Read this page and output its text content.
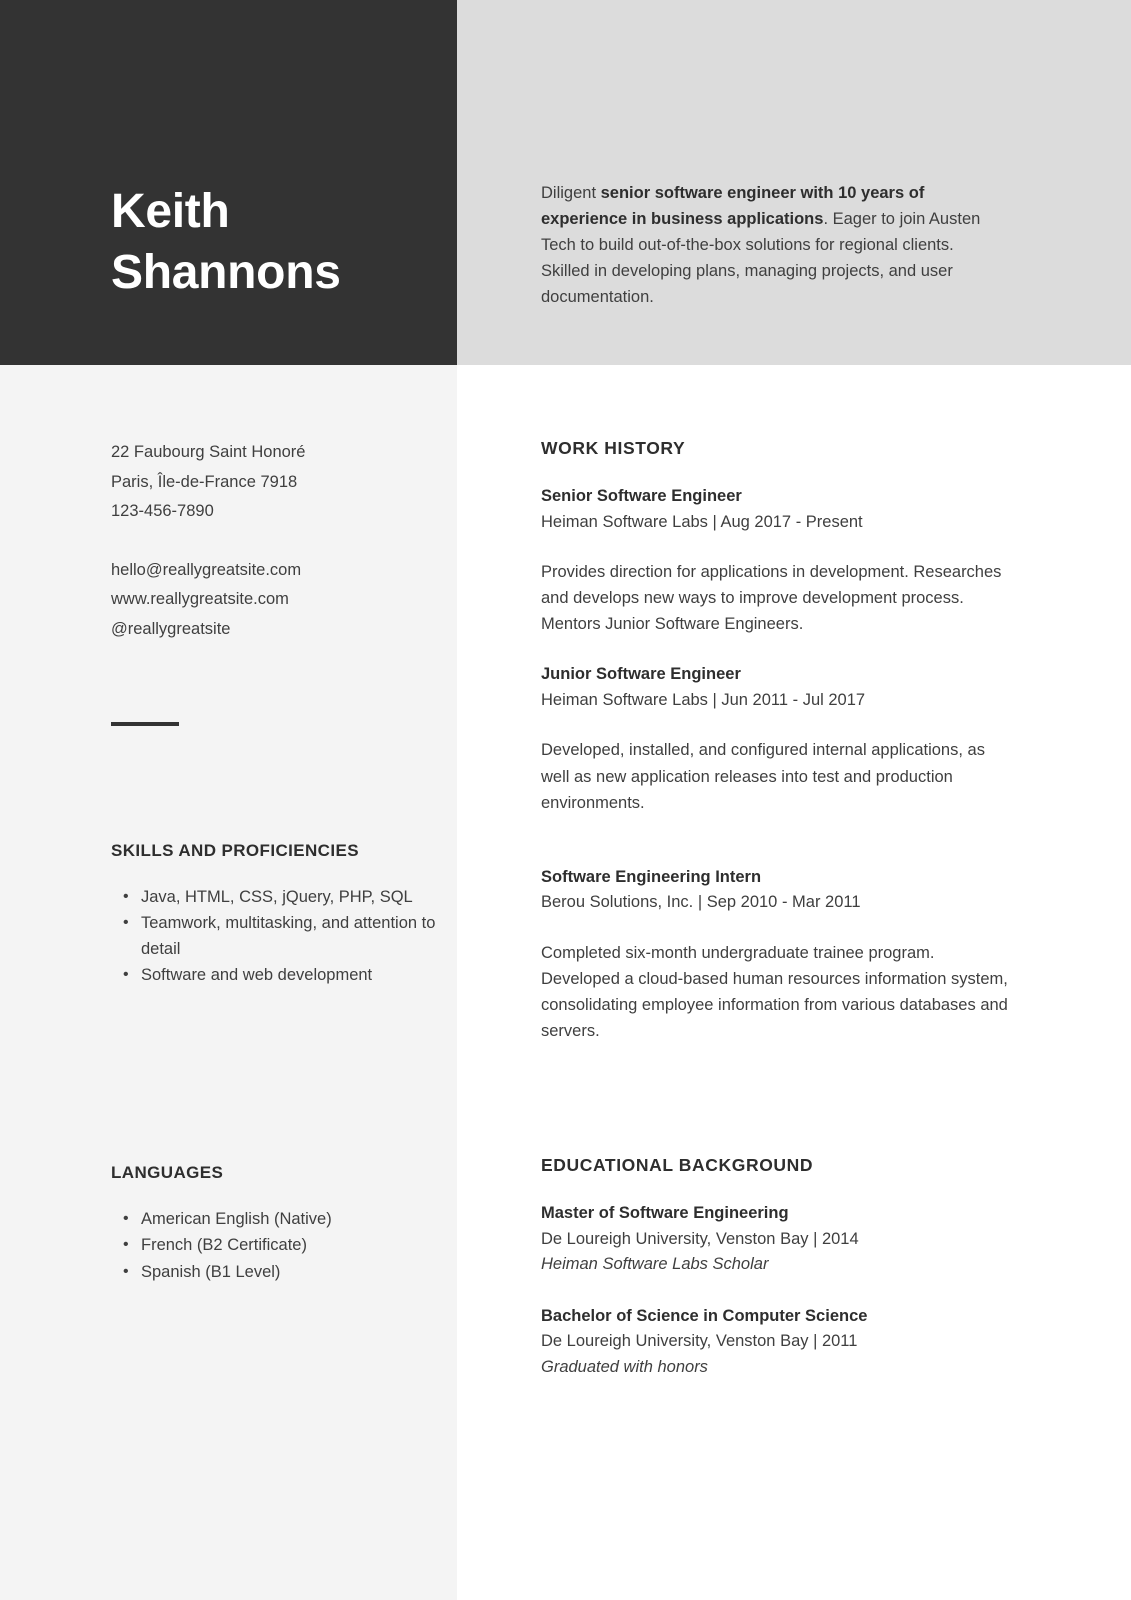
Keith
Shannons

Diligent senior software engineer with 10 years of experience in business applications. Eager to join Austen Tech to build out-of-the-box solutions for regional clients. Skilled in developing plans, managing projects, and user documentation.

22 Faubourg Saint Honoré
Paris, Île-de-France 7918
123-456-7890
hello@reallygreatsite.com
www.reallygreatsite.com
@reallygreatsite
SKILLS AND PROFICIENCIES
• Java, HTML, CSS, jQuery, PHP, SQL
• Teamwork, multitasking, and attention to detail
• Software and web development
LANGUAGES
• American English (Native)
• French (B2 Certificate)
• Spanish (B1 Level)
WORK HISTORY
Senior Software Engineer
Heiman Software Labs | Aug 2017 - Present
Provides direction for applications in development. Researches and develops new ways to improve development process. Mentors Junior Software Engineers.
Junior Software Engineer
Heiman Software Labs | Jun 2011 - Jul 2017
Developed, installed, and configured internal applications, as well as new application releases into test and production environments.
Software Engineering Intern
Berou Solutions, Inc. | Sep 2010 - Mar 2011
Completed six-month undergraduate trainee program. Developed a cloud-based human resources information system, consolidating employee information from various databases and servers.
EDUCATIONAL BACKGROUND
Master of Software Engineering
De Loureigh University, Venston Bay | 2014
Heiman Software Labs Scholar
Bachelor of Science in Computer Science
De Loureigh University, Venston Bay | 2011
Graduated with honors
